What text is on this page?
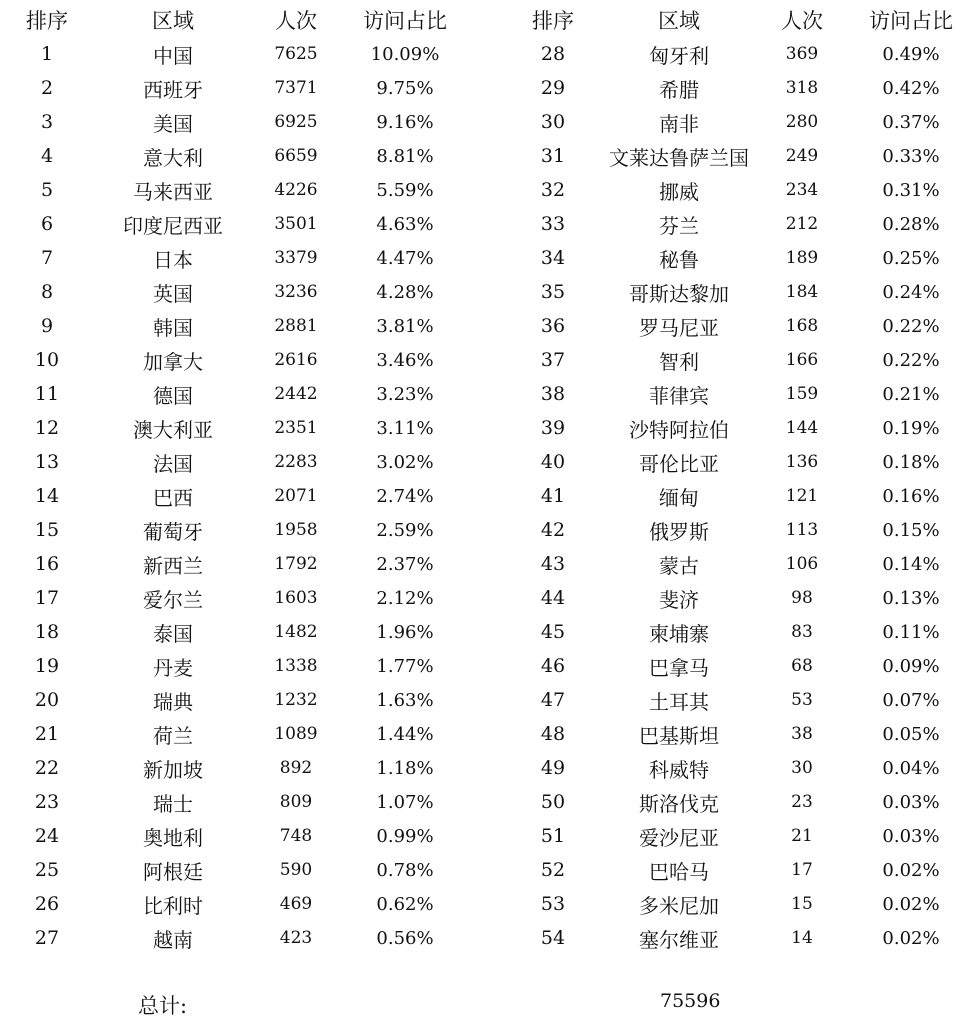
排序	区域	人次	访问占比
1	中国	7625	10.09%
2	西班牙	7371	9.75%
3	美国	6925	9.16%
4	意大利	6659	8.81%
5	马来西亚	4226	5.59%
6	印度尼西亚	3501	4.63%
7	日本	3379	4.47%
8	英国	3236	4.28%
9	韩国	2881	3.81%
10	加拿大	2616	3.46%
11	德国	2442	3.23%
12	澳大利亚	2351	3.11%
13	法国	2283	3.02%
14	巴西	2071	2.74%
15	葡萄牙	1958	2.59%
16	新西兰	1792	2.37%
17	爱尔兰	1603	2.12%
18	泰国	1482	1.96%
19	丹麦	1338	1.77%
20	瑞典	1232	1.63%
21	荷兰	1089	1.44%
22	新加坡	892	1.18%
23	瑞士	809	1.07%
24	奥地利	748	0.99%
25	阿根廷	590	0.78%
26	比利时	469	0.62%
27	越南	423	0.56%
排序	区域	人次	访问占比
28	匈牙利	369	0.49%
29	希腊	318	0.42%
30	南非	280	0.37%
31	文莱达鲁萨兰国	249	0.33%
32	挪威	234	0.31%
33	芬兰	212	0.28%
34	秘鲁	189	0.25%
35	哥斯达黎加	184	0.24%
36	罗马尼亚	168	0.22%
37	智利	166	0.22%
38	菲律宾	159	0.21%
39	沙特阿拉伯	144	0.19%
40	哥伦比亚	136	0.18%
41	缅甸	121	0.16%
42	俄罗斯	113	0.15%
43	蒙古	106	0.14%
44	斐济	98	0.13%
45	柬埔寨	83	0.11%
46	巴拿马	68	0.09%
47	土耳其	53	0.07%
48	巴基斯坦	38	0.05%
49	科威特	30	0.04%
50	斯洛伐克	23	0.03%
51	爱沙尼亚	21	0.03%
52	巴哈马	17	0.02%
53	多米尼加	15	0.02%
54	塞尔维亚	14	0.02%
总计:	75596
